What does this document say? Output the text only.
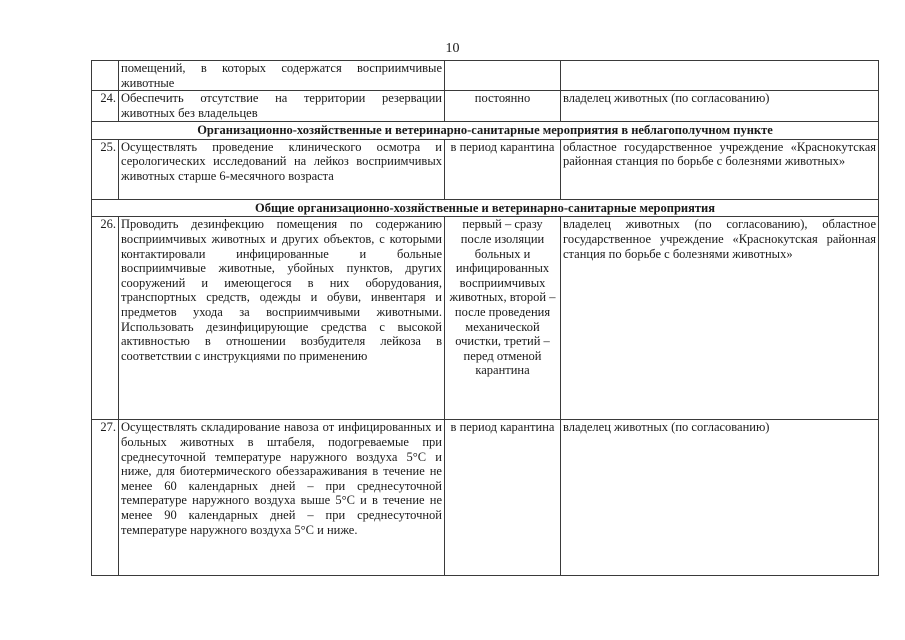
10
	помещений, в которых содержатся восприимчивые животные		
24.	Обеспечить отсутствие на территории резервации животных без владельцев	постоянно	владелец животных (по согласованию)
Организационно-хозяйственные и ветеринарно-санитарные мероприятия в неблагополучном пункте			
25.	Осуществлять проведение клинического осмотра и серологических исследований на лейкоз восприимчивых животных старше 6-месячного возраста	в период карантина	областное государственное учреждение «Краснокутская районная станция по борьбе с болезнями животных»
Общие организационно-хозяйственные и ветеринарно-санитарные мероприятия			
26.	Проводить дезинфекцию помещения по содержанию восприимчивых животных и других объектов, с которыми контактировали инфицированные и больные восприимчивые животные, убойных пунктов, других сооружений и имеющегося в них оборудования, транспортных средств, одежды и обуви, инвентаря и предметов ухода за восприимчивыми животными. Использовать дезинфицирующие средства с высокой активностью в отношении возбудителя лейкоза в соответствии с инструкциями по применению	первый – сразу после изоляции больных и инфицированных восприимчивых животных, второй – после проведения механической очистки, третий – перед отменой карантина	владелец животных (по согласованию), областное государственное учреждение «Краснокутская районная станция по борьбе с болезнями животных»
27.	Осуществлять складирование навоза от инфицированных и больных животных в штабеля, подогреваемые при среднесуточной температуре наружного воздуха 5°С и ниже, для биотермического обеззараживания в течение не менее 60 календарных дней – при среднесуточной температуре наружного воздуха выше 5°С и в течение не менее 90 календарных дней – при среднесуточной температуре наружного воздуха 5°С и ниже.	в период карантина	владелец животных (по согласованию)
